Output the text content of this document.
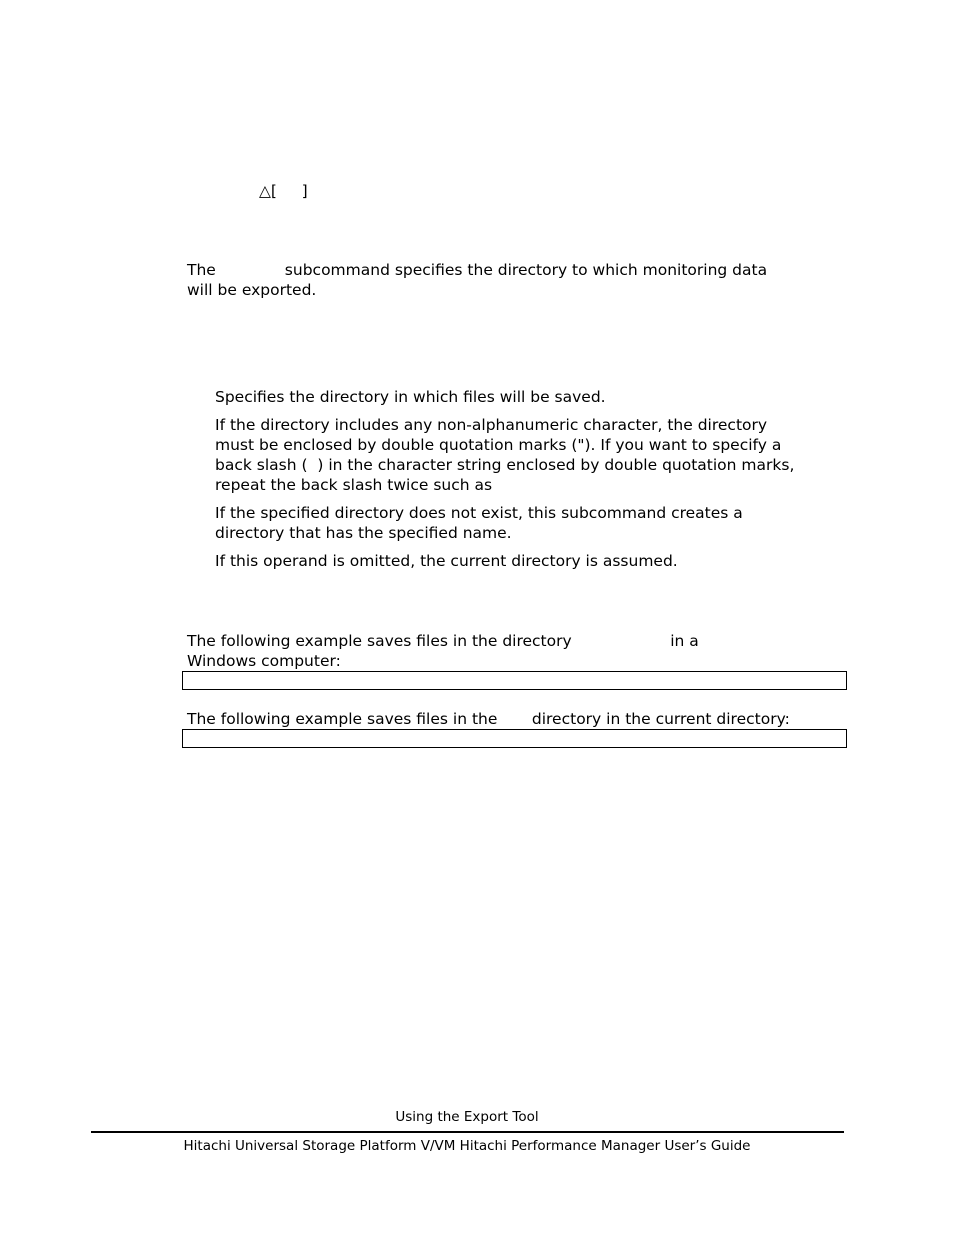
△[     ]
The              subcommand specifies the directory to which monitoring data
will be exported.
Specifies the directory in which files will be saved.
If the directory includes any non-alphanumeric character, the directory
must be enclosed by double quotation marks ("). If you want to specify a
back slash (  ) in the character string enclosed by double quotation marks,
repeat the back slash twice such as
If the specified directory does not exist, this subcommand creates a
directory that has the specified name.
If this operand is omitted, the current directory is assumed.
The following example saves files in the directory                    in a
Windows computer:
The following example saves files in the       directory in the current directory:
Using the Export Tool
Hitachi Universal Storage Platform V/VM Hitachi Performance Manager User’s Guide
